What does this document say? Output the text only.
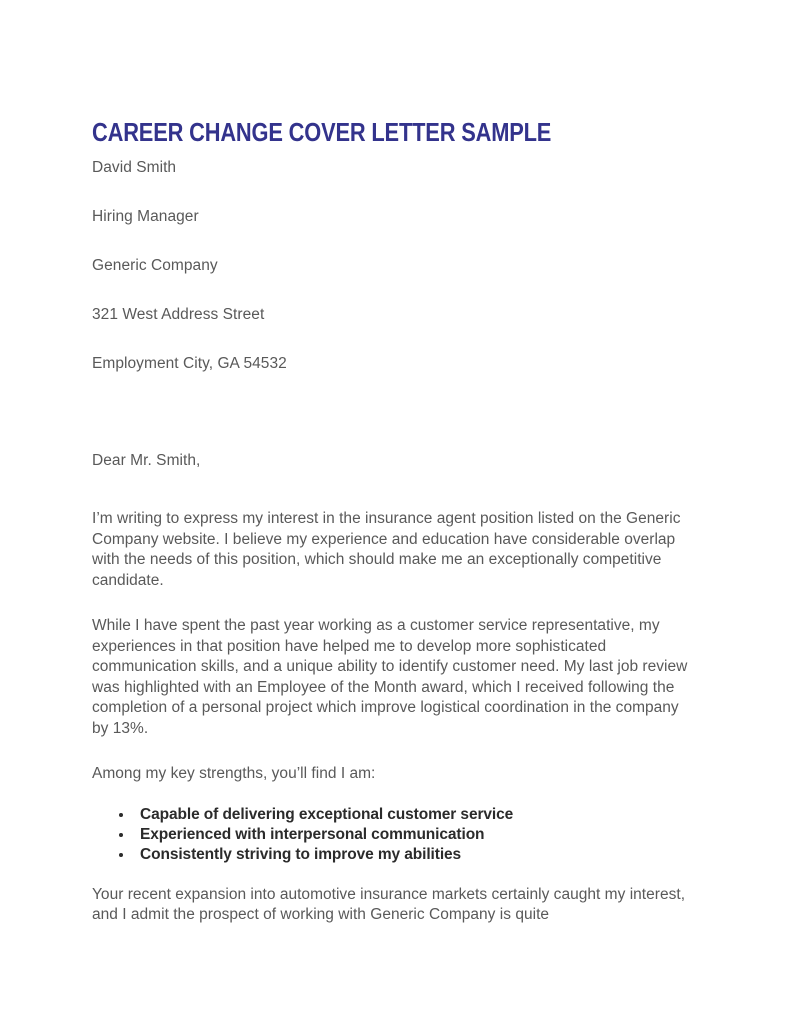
CAREER CHANGE COVER LETTER SAMPLE

David Smith

Hiring Manager

Generic Company

321 West Address Street

Employment City, GA 54532

Dear Mr. Smith,

I’m writing to express my interest in the insurance agent position listed on the Generic Company website. I believe my experience and education have considerable overlap with the needs of this position, which should make me an exceptionally competitive candidate.

While I have spent the past year working as a customer service representative, my experiences in that position have helped me to develop more sophisticated communication skills, and a unique ability to identify customer need. My last job review was highlighted with an Employee of the Month award, which I received following the completion of a personal project which improve logistical coordination in the company by 13%.

Among my key strengths, you’ll find I am:

Capable of delivering exceptional customer service
Experienced with interpersonal communication
Consistently striving to improve my abilities

Your recent expansion into automotive insurance markets certainly caught my interest, and I admit the prospect of working with Generic Company is quite
